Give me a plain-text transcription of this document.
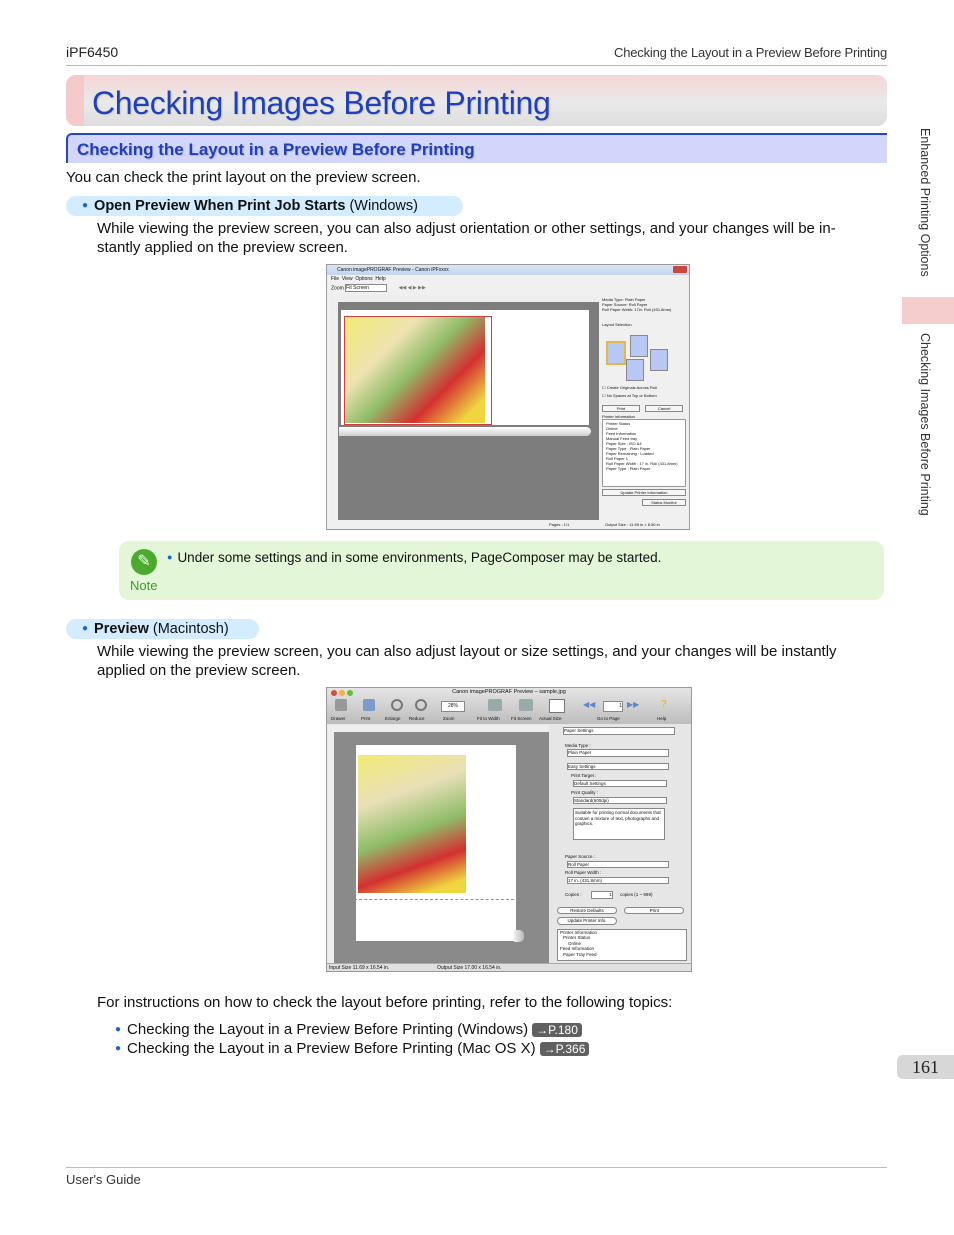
iPF6450	Checking the Layout in a Preview Before Printing
Checking Images Before Printing
Checking the Layout in a Preview Before Printing
You can check the print layout on the preview screen.
● Open Preview When Print Job Starts (Windows)
While viewing the preview screen, you can also adjust orientation or other settings, and your changes will be in-stantly applied on the preview screen.
Canon imagePROGRAF Preview - Canon iPFxxxx
File View Options Help
Zoom Fit Screen	◀◀ ◀ ▶ ▶▶
Media Type: Plain Paper
Paper Source: Roll Paper
Roll Paper Width: 17in. Roll (431.8mm)
Layout Selection
☐ Create Originals Across Roll
☐ No Spaces at Top or Bottom
Print	Cancel
Printer Information
Printer Status
Online
Feed Information
Manual Feed tray
Paper Size : ISO A4
Paper Type : Plain Paper
Paper Remaining : Loaded
Roll Paper 1
Roll Paper Width : 17 in. Roll (431.8mm)
Paper Type : Plain Paper
Update Printer Information
Status Monitor
Pages : 1/1	Output Size : 11.69 in × 8.50 in
✎
Note
● Under some settings and in some environments, PageComposer may be started.
● Preview (Macintosh)
While viewing the preview screen, you can also adjust layout or size settings, and your changes will be instantly applied on the preview screen.
Canon imagePROGRAF Preview – sample.jpg
28%	◀◀	1 ▶▶	?
Drawer	Print	Enlarge Reduce	Zoom	Fit to Width Fit Screen Actual Size	Go to Page	Help
Paper Settings
Media Type :
Plain Paper
Easy Settings
Print Target :
Default Settings
Print Quality :
Standard(600dpi)
Suitable for printing normal documents that contain a mixture of text, photographs and graphics.
Paper Source :
Roll Paper
Roll Paper Width :
17 in. (431.8mm)
Copies :	1 copies (1 ~ 999)
Restore Defaults	Print
Update Printer Info.
Printer Information
Printer Status
Online
Feed Information
Paper Tray Feed
Input Size 11.69 x 16.54 in.	Output Size 17.00 x 16.54 in.
For instructions on how to check the layout before printing, refer to the following topics:
● Checking the Layout in a Preview Before Printing (Windows) →P.180
● Checking the Layout in a Preview Before Printing (Mac OS X) →P.366
Enhanced Printing Options
Checking Images Before Printing
161
User's Guide
